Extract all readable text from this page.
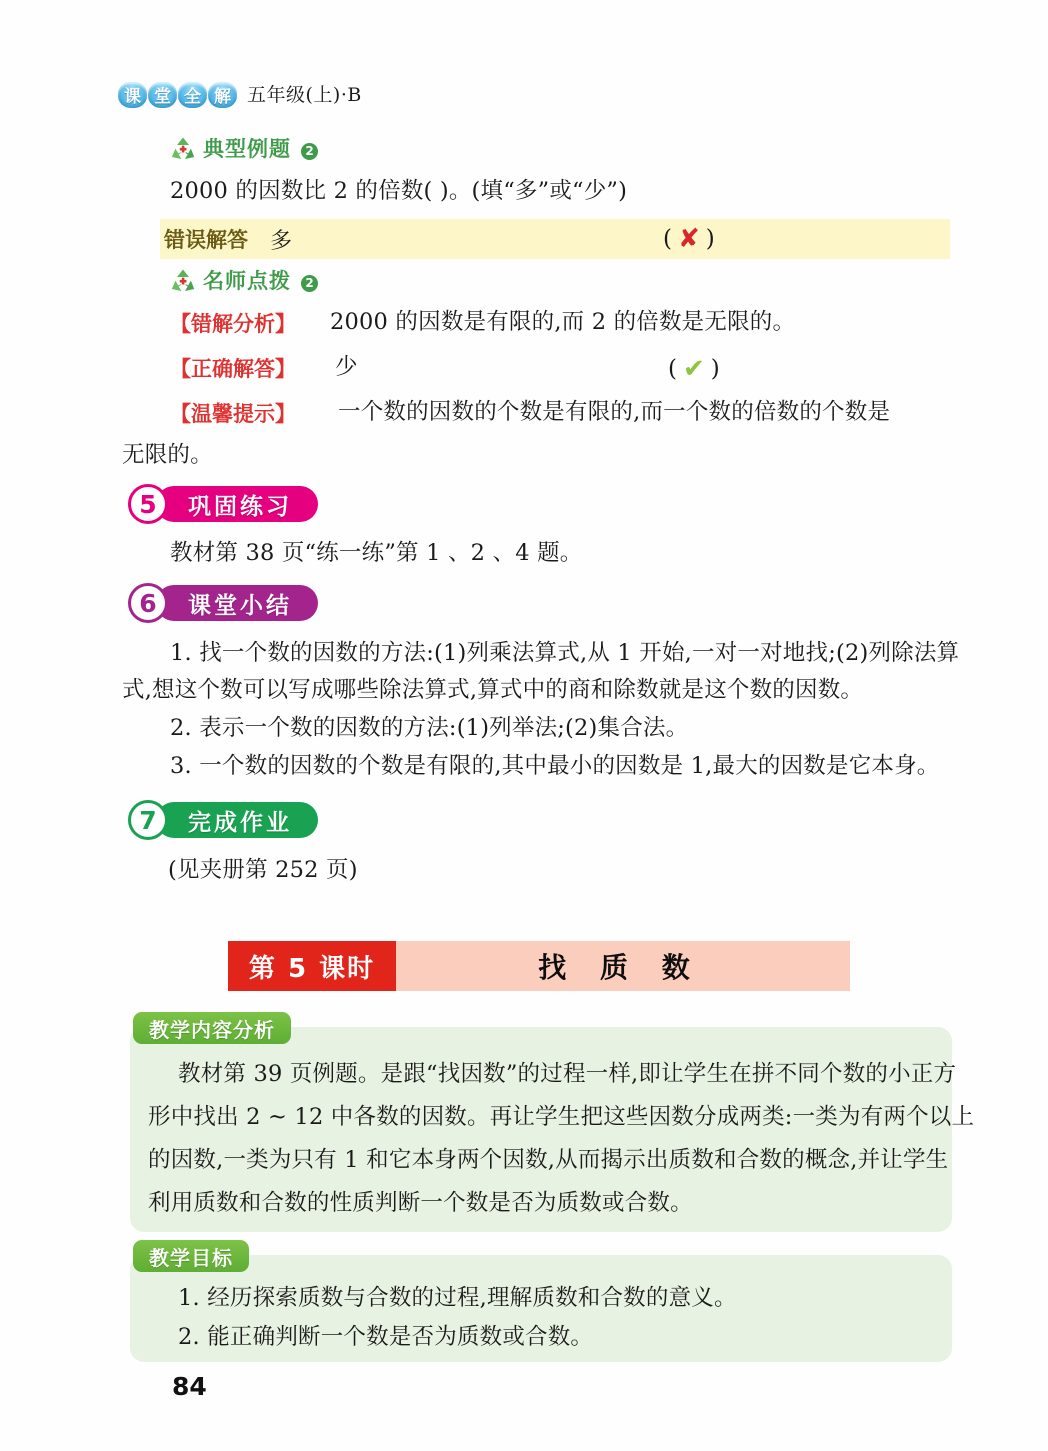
课 堂 全 解 五年级(上)·B
典型例题	2
2000 的因数比 2 的倍数( )。(填“多”或“少”)
错误解答 多	( ✘ )
名师点拨	2
【错解分析】 2000 的因数是有限的,而 2 的倍数是无限的。
【正确解答】 少	( ✔ )
【温馨提示】 一个数的因数的个数是有限的,而一个数的倍数的个数是
无限的。
5	巩固练习
教材第 38 页“练一练”第 1 、2 、4 题。
6	课堂小结
1. 找一个数的因数的方法:(1)列乘法算式,从 1 开始,一对一对地找;(2)列除法算
式,想这个数可以写成哪些除法算式,算式中的商和除数就是这个数的因数。
2. 表示一个数的因数的方法:(1)列举法;(2)集合法。
3. 一个数的因数的个数是有限的,其中最小的因数是 1,最大的因数是它本身。
7	完成作业
(见夹册第 252 页)
第 5 课时	找 质 数
教学内容分析
教材第 39 页例题。是跟“找因数”的过程一样,即让学生在拼不同个数的小正方
形中找出 2 ~ 12 中各数的因数。再让学生把这些因数分成两类:一类为有两个以上
的因数,一类为只有 1 和它本身两个因数,从而揭示出质数和合数的概念,并让学生
利用质数和合数的性质判断一个数是否为质数或合数。
教学目标
1. 经历探索质数与合数的过程,理解质数和合数的意义。
2. 能正确判断一个数是否为质数或合数。
84
